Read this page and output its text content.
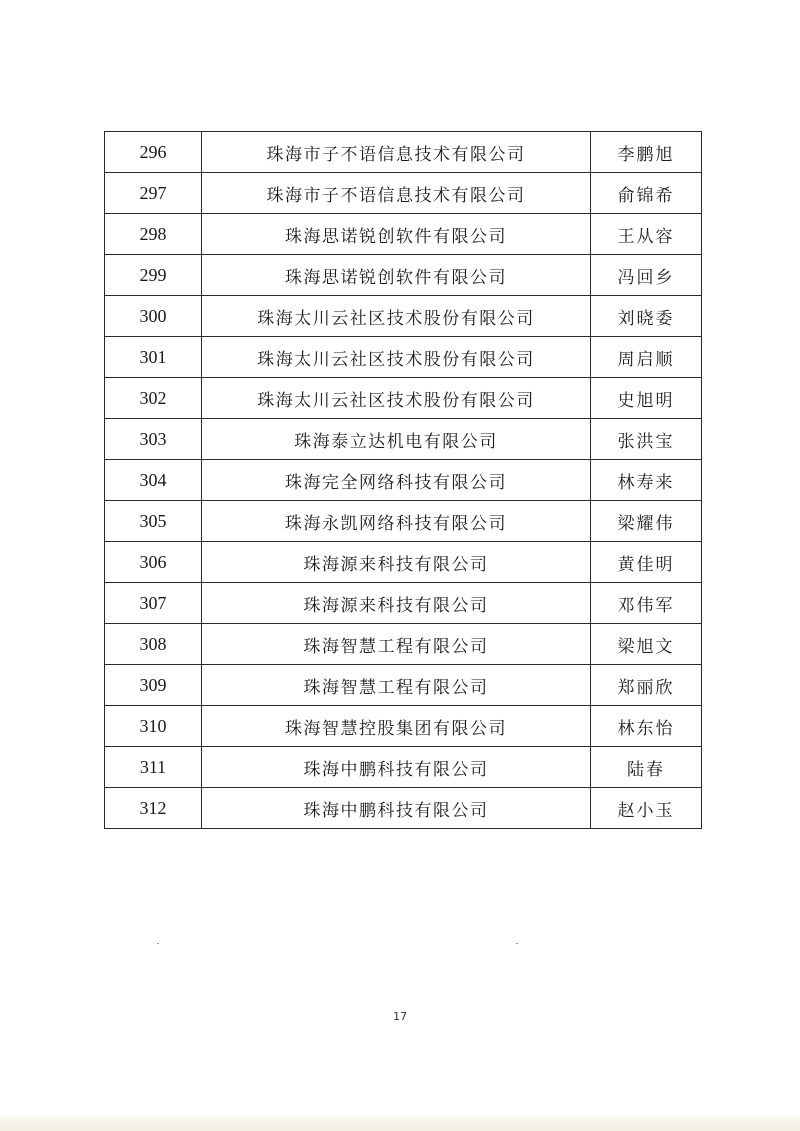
296	珠海市子不语信息技术有限公司	李鹏旭
297	珠海市子不语信息技术有限公司	俞锦希
298	珠海思诺锐创软件有限公司	王从容
299	珠海思诺锐创软件有限公司	冯回乡
300	珠海太川云社区技术股份有限公司	刘晓委
301	珠海太川云社区技术股份有限公司	周启顺
302	珠海太川云社区技术股份有限公司	史旭明
303	珠海泰立达机电有限公司	张洪宝
304	珠海完全网络科技有限公司	林寿来
305	珠海永凯网络科技有限公司	梁耀伟
306	珠海源来科技有限公司	黄佳明
307	珠海源来科技有限公司	邓伟军
308	珠海智慧工程有限公司	梁旭文
309	珠海智慧工程有限公司	郑丽欣
310	珠海智慧控股集团有限公司	林东怡
311	珠海中鹏科技有限公司	陆春
312	珠海中鹏科技有限公司	赵小玉
17
